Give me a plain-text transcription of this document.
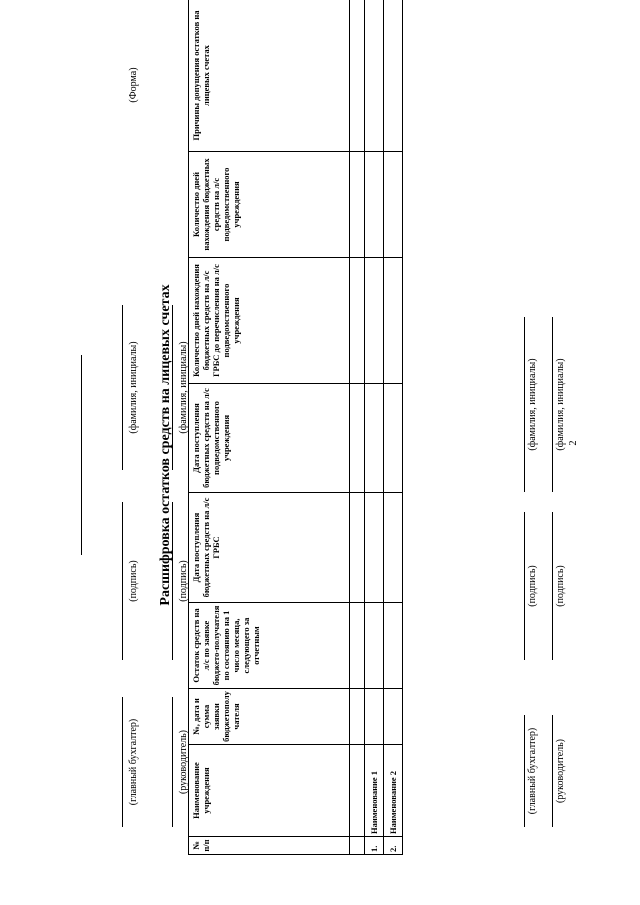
2
(руководитель)
(подпись)
(фамилия, инициалы)
(главный бухгалтер)
(подпись)
(фамилия, инициалы)
(Форма)
Расшифровка остатков средств на лицевых счетах
№ п/п	Наименование учреждения	№, дата и сумма заявки бюджетополучателя	Остаток средств на л/с по заявке бюджето-получателя по состоянию на 1 число месяца, следующего за отчетным	Дата поступления бюджетных средств на л/с ГРБС	Дата поступления бюджетных средств на л/с подведомственного учреждения	Количество дней нахождения бюджетных средств на л/с ГРБС до перечисления на л/с подведомственного учреждения	Количество дней нахождения бюджетных средств на л/с подведомственного учреждения	Причины допущения остатков на лицевых счетах

1.	Наименование 1							
2.	Наименование 2							
(руководитель)
(подпись)
(фамилия, инициалы)
(главный бухгалтер)
(подпись)
(фамилия, инициалы)
